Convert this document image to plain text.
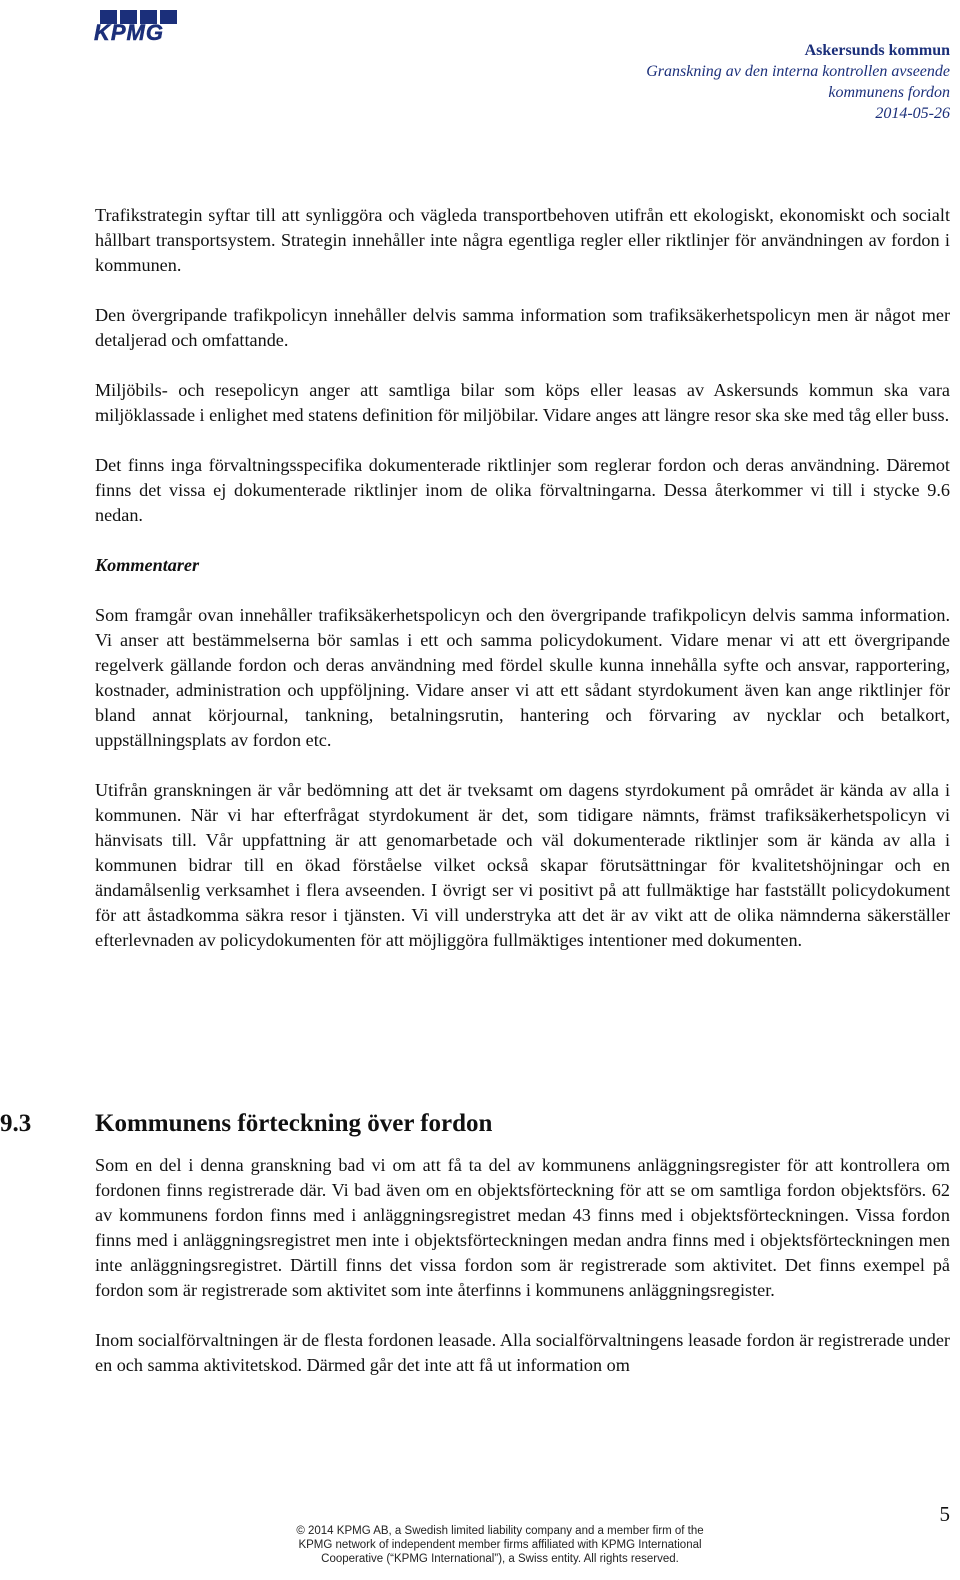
KPMG
Askersunds kommun
Granskning av den interna kontrollen avseende
kommunens fordon
2014-05-26

Trafikstrategin syftar till att synliggöra och vägleda transportbehoven utifrån ett ekologiskt, ekonomiskt och socialt hållbart transportsystem. Strategin innehåller inte några egentliga regler eller riktlinjer för användningen av fordon i kommunen.

Den övergripande trafikpolicyn innehåller delvis samma information som trafiksäkerhetspolicyn men är något mer detaljerad och omfattande.

Miljöbils- och resepolicyn anger att samtliga bilar som köps eller leasas av Askersunds kommun ska vara miljöklassade i enlighet med statens definition för miljöbilar. Vidare anges att längre resor ska ske med tåg eller buss.

Det finns inga förvaltningsspecifika dokumenterade riktlinjer som reglerar fordon och deras användning. Däremot finns det vissa ej dokumenterade riktlinjer inom de olika förvaltningarna. Dessa återkommer vi till i stycke 9.6 nedan.

Kommentarer

Som framgår ovan innehåller trafiksäkerhetspolicyn och den övergripande trafikpolicyn delvis samma information. Vi anser att bestämmelserna bör samlas i ett och samma policydokument. Vidare menar vi att ett övergripande regelverk gällande fordon och deras användning med fördel skulle kunna innehålla syfte och ansvar, rapportering, kostnader, administration och uppföljning. Vidare anser vi att ett sådant styrdokument även kan ange riktlinjer för bland annat körjournal, tankning, betalningsrutin, hantering och förvaring av nycklar och betalkort, uppställningsplats av fordon etc.

Utifrån granskningen är vår bedömning att det är tveksamt om dagens styrdokument på området är kända av alla i kommunen. När vi har efterfrågat styrdokument är det, som tidigare nämnts, främst trafiksäkerhetspolicyn vi hänvisats till. Vår uppfattning är att genomarbetade och väl dokumenterade riktlinjer som är kända av alla i kommunen bidrar till en ökad förståelse vilket också skapar förutsättningar för kvalitetshöjningar och en ändamålsenlig verksamhet i flera avseenden. I övrigt ser vi positivt på att fullmäktige har fastställt policydokument för att åstadkomma säkra resor i tjänsten. Vi vill understryka att det är av vikt att de olika nämnderna säkerställer efterlevnaden av policydokumenten för att möjliggöra fullmäktiges intentioner med dokumenten.

9.3	Kommunens förteckning över fordon

Som en del i denna granskning bad vi om att få ta del av kommunens anläggningsregister för att kontrollera om fordonen finns registrerade där. Vi bad även om en objektsförteckning för att se om samtliga fordon objektsförs. 62 av kommunens fordon finns med i anläggningsregistret medan 43 finns med i objektsförteckningen. Vissa fordon finns med i anläggningsregistret men inte i objektsförteckningen medan andra finns med i objektsförteckningen men inte anläggningsregistret. Därtill finns det vissa fordon som är registrerade som aktivitet. Det finns exempel på fordon som är registrerade som aktivitet som inte återfinns i kommunens anläggningsregister.

Inom socialförvaltningen är de flesta fordonen leasade. Alla socialförvaltningens leasade fordon är registrerade under en och samma aktivitetskod. Därmed går det inte att få ut information om

© 2014 KPMG AB, a Swedish limited liability company and a member firm of the
KPMG network of independent member firms affiliated with KPMG International
Cooperative (“KPMG International”), a Swiss entity. All rights reserved.
5
